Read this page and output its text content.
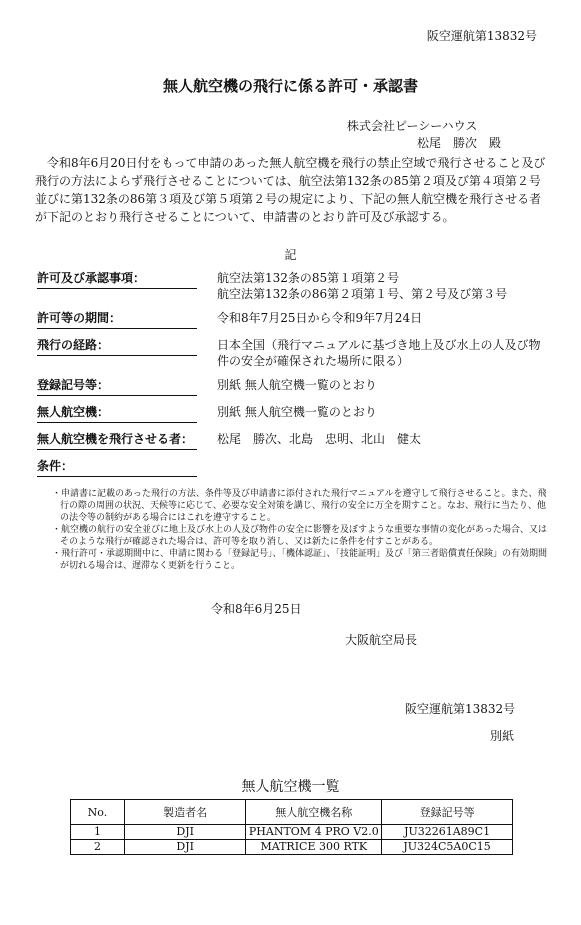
阪空運航第13832号
無人航空機の飛行に係る許可・承認書
株式会社ピーシーハウス
松尾　勝次　殿
令和8年6月20日付をもって申請のあった無人航空機を飛行の禁止空域で飛行させること及び飛行の方法によらず飛行させることについては、航空法第132条の85第２項及び第４項第２号並びに第132条の86第３項及び第５項第２号の規定により、下記の無人航空機を飛行させる者が下記のとおり飛行させることについて、申請書のとおり許可及び承認する。
記
許可及び承認事項：	航空法第132条の85第１項第２号
航空法第132条の86第２項第１号、第２号及び第３号
許可等の期間：	令和8年7月25日から令和9年7月24日
飛行の経路：	日本全国（飛行マニュアルに基づき地上及び水上の人及び物
件の安全が確保された場所に限る）
登録記号等：	別紙 無人航空機一覧のとおり
無人航空機：	別紙 無人航空機一覧のとおり
無人航空機を飛行させる者： 松尾　勝次、北島　忠明、北山　健太
条件：
・申請書に記載のあった飛行の方法、条件等及び申請書に添付された飛行マニュアルを遵守して飛行させること。また、飛行の際の周囲の状況、天候等に応じて、必要な安全対策を講じ、飛行の安全に万全を期すこと。なお、飛行に当たり、他の法令等の制約がある場合にはこれを遵守すること。
・航空機の航行の安全並びに地上及び水上の人及び物件の安全に影響を及ぼすような重要な事情の変化があった場合、又はそのような飛行が確認された場合は、許可等を取り消し、又は新たに条件を付すことがある。
・飛行許可・承認期間中に、申請に関わる「登録記号」、「機体認証」、「技能証明」及び「第三者賠償責任保険」の有効期間が切れる場合は、遅滞なく更新を行うこと。
令和8年6月25日
大阪航空局長
阪空運航第13832号
別紙
無人航空機一覧
No.	製造者名	無人航空機名称	登録記号等
1	DJI	PHANTOM 4 PRO V2.0	JU32261A89C1
2	DJI	MATRICE 300 RTK	JU324C5A0C15
